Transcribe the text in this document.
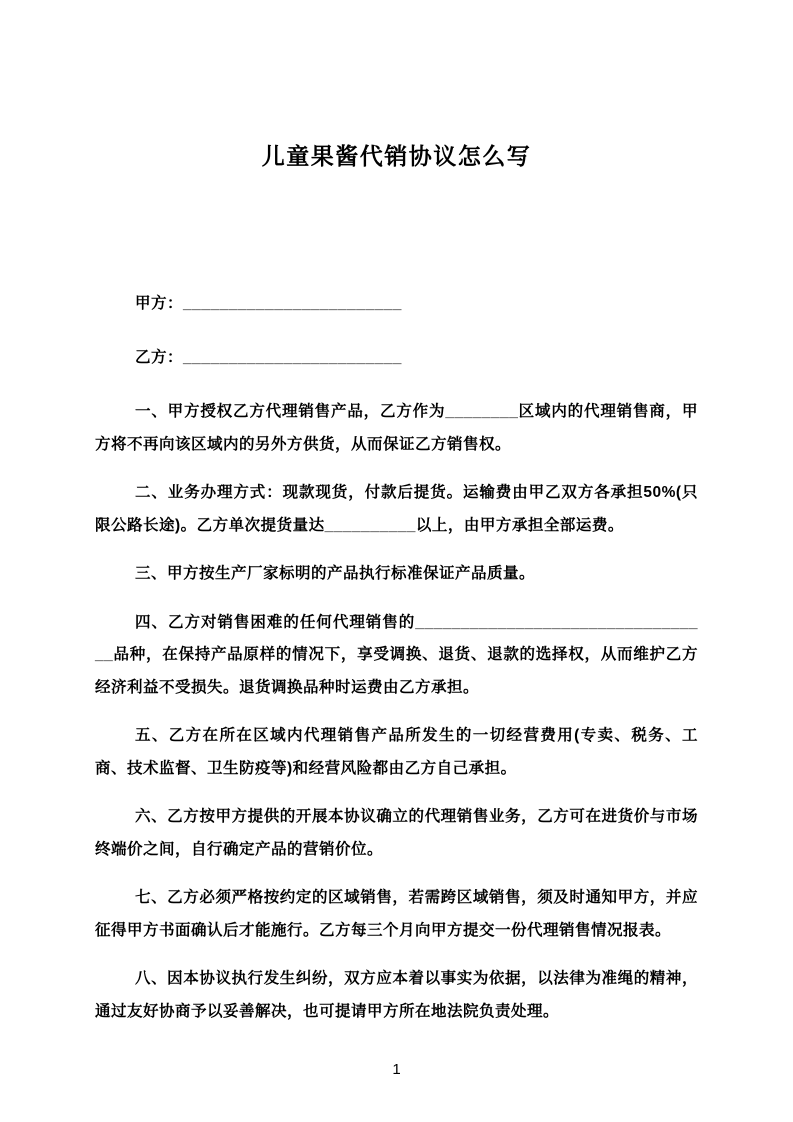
儿童果酱代销协议怎么写

甲方：________________________

乙方：________________________

一、甲方授权乙方代理销售产品，乙方作为________区域内的代理销售商，甲方将不再向该区域内的另外方供货，从而保证乙方销售权。

二、业务办理方式：现款现货，付款后提货。运输费由甲乙双方各承担50%(只限公路长途)。乙方单次提货量达__________以上，由甲方承担全部运费。

三、甲方按生产厂家标明的产品执行标准保证产品质量。

四、乙方对销售困难的任何代理销售的_________________________________品种，在保持产品原样的情况下，享受调换、退货、退款的选择权，从而维护乙方经济利益不受损失。退货调换品种时运费由乙方承担。

五、乙方在所在区域内代理销售产品所发生的一切经营费用(专卖、税务、工商、技术监督、卫生防疫等)和经营风险都由乙方自己承担。

六、乙方按甲方提供的开展本协议确立的代理销售业务，乙方可在进货价与市场终端价之间，自行确定产品的营销价位。

七、乙方必须严格按约定的区域销售，若需跨区域销售，须及时通知甲方，并应征得甲方书面确认后才能施行。乙方每三个月向甲方提交一份代理销售情况报表。

八、因本协议执行发生纠纷，双方应本着以事实为依据，以法律为准绳的精神，通过友好协商予以妥善解决，也可提请甲方所在地法院负责处理。

1
